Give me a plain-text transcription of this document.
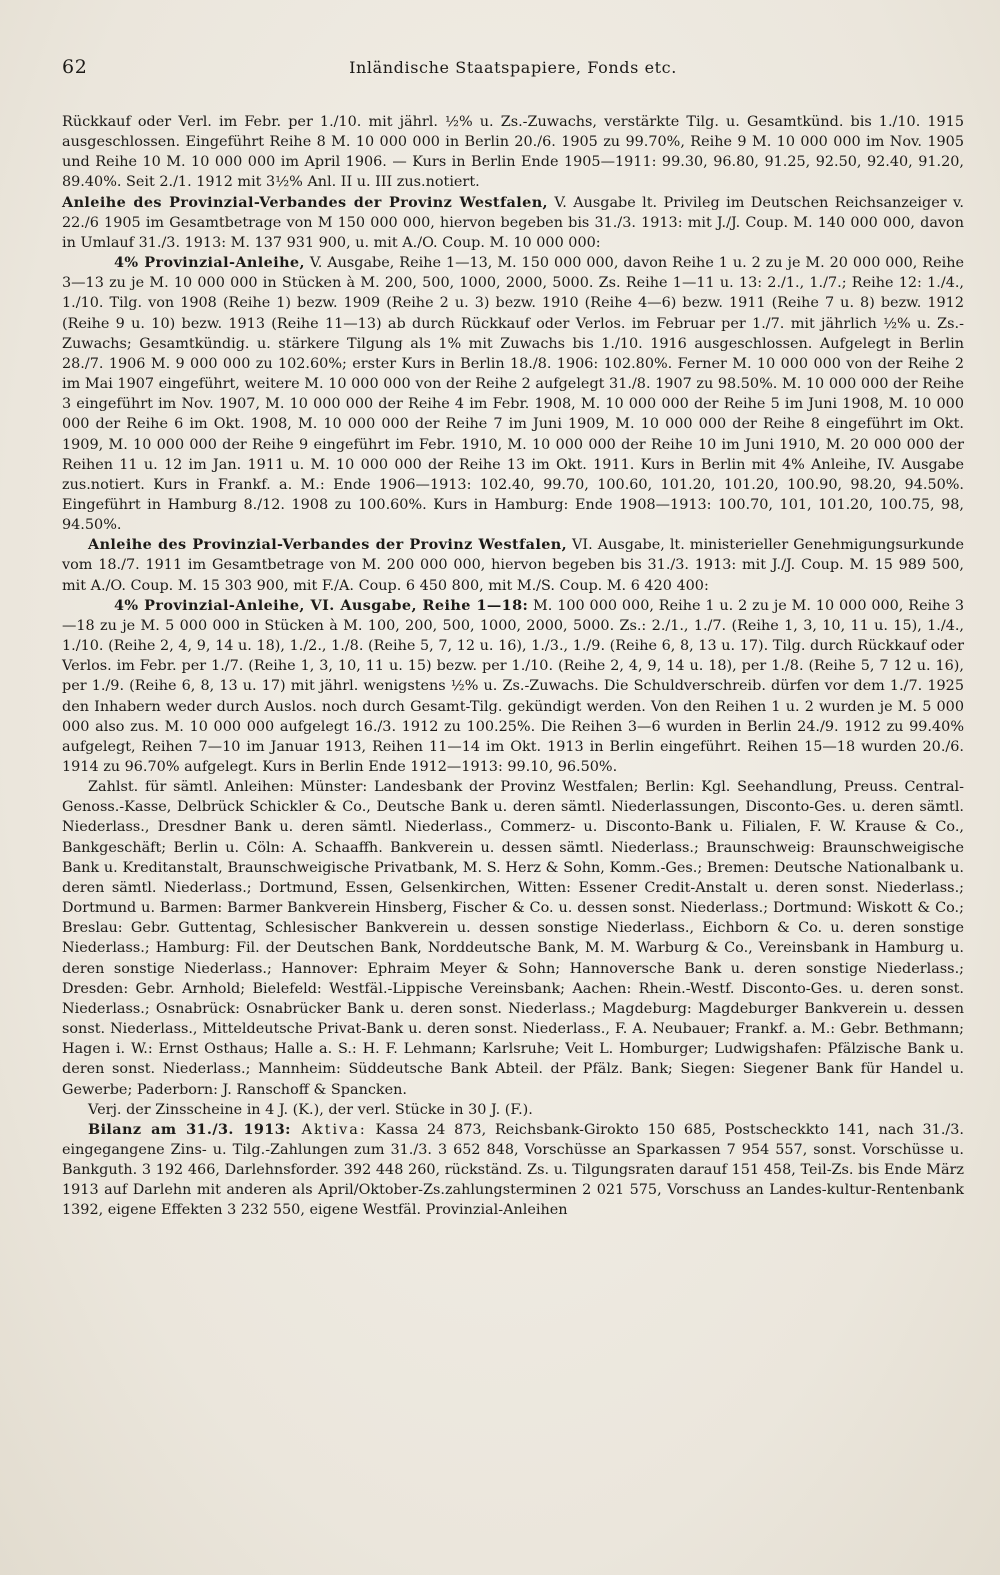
62	Inländische Staatspapiere, Fonds etc.

Rückkauf oder Verl. im Febr. per 1./10. mit jährl. ½% u. Zs.-Zuwachs, verstärkte Tilg. u. Gesamtkünd. bis 1./10. 1915 ausgeschlossen. Eingeführt Reihe 8 M. 10 000 000 in Berlin 20./6. 1905 zu 99.70%, Reihe 9 M. 10 000 000 im Nov. 1905 und Reihe 10 M. 10 000 000 im April 1906. — Kurs in Berlin Ende 1905—1911: 99.30, 96.80, 91.25, 92.50, 92.40, 91.20, 89.40%. Seit 2./1. 1912 mit 3½% Anl. II u. III zus.notiert.

Anleihe des Provinzial-Verbandes der Provinz Westfalen, V. Ausgabe lt. Privileg im Deutschen Reichsanzeiger v. 22./6 1905 im Gesamtbetrage von M 150 000 000, hiervon begeben bis 31./3. 1913: mit J./J. Coup. M. 140 000 000, davon in Umlauf 31./3. 1913: M. 137 931 900, u. mit A./O. Coup. M. 10 000 000:

4% Provinzial-Anleihe, V. Ausgabe, Reihe 1—13, M. 150 000 000, davon Reihe 1 u. 2 zu je M. 20 000 000, Reihe 3—13 zu je M. 10 000 000 in Stücken à M. 200, 500, 1000, 2000, 5000. Zs. Reihe 1—11 u. 13: 2./1., 1./7.; Reihe 12: 1./4., 1./10. Tilg. von 1908 (Reihe 1) bezw. 1909 (Reihe 2 u. 3) bezw. 1910 (Reihe 4—6) bezw. 1911 (Reihe 7 u. 8) bezw. 1912 (Reihe 9 u. 10) bezw. 1913 (Reihe 11—13) ab durch Rückkauf oder Verlos. im Februar per 1./7. mit jährlich ½% u. Zs.-Zuwachs; Gesamtkündig. u. stärkere Tilgung als 1% mit Zuwachs bis 1./10. 1916 ausgeschlossen. Aufgelegt in Berlin 28./7. 1906 M. 9 000 000 zu 102.60%; erster Kurs in Berlin 18./8. 1906: 102.80%. Ferner M. 10 000 000 von der Reihe 2 im Mai 1907 eingeführt, weitere M. 10 000 000 von der Reihe 2 aufgelegt 31./8. 1907 zu 98.50%. M. 10 000 000 der Reihe 3 eingeführt im Nov. 1907, M. 10 000 000 der Reihe 4 im Febr. 1908, M. 10 000 000 der Reihe 5 im Juni 1908, M. 10 000 000 der Reihe 6 im Okt. 1908, M. 10 000 000 der Reihe 7 im Juni 1909, M. 10 000 000 der Reihe 8 eingeführt im Okt. 1909, M. 10 000 000 der Reihe 9 eingeführt im Febr. 1910, M. 10 000 000 der Reihe 10 im Juni 1910, M. 20 000 000 der Reihen 11 u. 12 im Jan. 1911 u. M. 10 000 000 der Reihe 13 im Okt. 1911. Kurs in Berlin mit 4% Anleihe, IV. Ausgabe zus.notiert. Kurs in Frankf. a. M.: Ende 1906—1913: 102.40, 99.70, 100.60, 101.20, 101.20, 100.90, 98.20, 94.50%. Eingeführt in Hamburg 8./12. 1908 zu 100.60%. Kurs in Hamburg: Ende 1908—1913: 100.70, 101, 101.20, 100.75, 98, 94.50%.

Anleihe des Provinzial-Verbandes der Provinz Westfalen, VI. Ausgabe, lt. ministerieller Genehmigungsurkunde vom 18./7. 1911 im Gesamtbetrage von M. 200 000 000, hiervon begeben bis 31./3. 1913: mit J./J. Coup. M. 15 989 500, mit A./O. Coup. M. 15 303 900, mit F./A. Coup. 6 450 800, mit M./S. Coup. M. 6 420 400:

4% Provinzial-Anleihe, VI. Ausgabe, Reihe 1—18: M. 100 000 000, Reihe 1 u. 2 zu je M. 10 000 000, Reihe 3—18 zu je M. 5 000 000 in Stücken à M. 100, 200, 500, 1000, 2000, 5000. Zs.: 2./1., 1./7. (Reihe 1, 3, 10, 11 u. 15), 1./4., 1./10. (Reihe 2, 4, 9, 14 u. 18), 1./2., 1./8. (Reihe 5, 7, 12 u. 16), 1./3., 1./9. (Reihe 6, 8, 13 u. 17). Tilg. durch Rückkauf oder Verlos. im Febr. per 1./7. (Reihe 1, 3, 10, 11 u. 15) bezw. per 1./10. (Reihe 2, 4, 9, 14 u. 18), per 1./8. (Reihe 5, 7 12 u. 16), per 1./9. (Reihe 6, 8, 13 u. 17) mit jährl. wenigstens ½% u. Zs.-Zuwachs. Die Schuldverschreib. dürfen vor dem 1./7. 1925 den Inhabern weder durch Auslos. noch durch Gesamt-Tilg. gekündigt werden. Von den Reihen 1 u. 2 wurden je M. 5 000 000 also zus. M. 10 000 000 aufgelegt 16./3. 1912 zu 100.25%. Die Reihen 3—6 wurden in Berlin 24./9. 1912 zu 99.40% aufgelegt, Reihen 7—10 im Januar 1913, Reihen 11—14 im Okt. 1913 in Berlin eingeführt. Reihen 15—18 wurden 20./6. 1914 zu 96.70% aufgelegt. Kurs in Berlin Ende 1912—1913: 99.10, 96.50%.

Zahlst. für sämtl. Anleihen: Münster: Landesbank der Provinz Westfalen; Berlin: Kgl. Seehandlung, Preuss. Central-Genoss.-Kasse, Delbrück Schickler & Co., Deutsche Bank u. deren sämtl. Niederlassungen, Disconto-Ges. u. deren sämtl. Niederlass., Dresdner Bank u. deren sämtl. Niederlass., Commerz- u. Disconto-Bank u. Filialen, F. W. Krause & Co., Bankgeschäft; Berlin u. Cöln: A. Schaaffh. Bankverein u. dessen sämtl. Niederlass.; Braunschweig: Braunschweigische Bank u. Kreditanstalt, Braunschweigische Privatbank, M. S. Herz & Sohn, Komm.-Ges.; Bremen: Deutsche Nationalbank u. deren sämtl. Niederlass.; Dortmund, Essen, Gelsenkirchen, Witten: Essener Credit-Anstalt u. deren sonst. Niederlass.; Dortmund u. Barmen: Barmer Bankverein Hinsberg, Fischer & Co. u. dessen sonst. Niederlass.; Dortmund: Wiskott & Co.; Breslau: Gebr. Guttentag, Schlesischer Bankverein u. dessen sonstige Niederlass., Eichborn & Co. u. deren sonstige Niederlass.; Hamburg: Fil. der Deutschen Bank, Norddeutsche Bank, M. M. Warburg & Co., Vereinsbank in Hamburg u. deren sonstige Niederlass.; Hannover: Ephraim Meyer & Sohn; Hannoversche Bank u. deren sonstige Niederlass.; Dresden: Gebr. Arnhold; Bielefeld: Westfäl.-Lippische Vereinsbank; Aachen: Rhein.-Westf. Disconto-Ges. u. deren sonst. Niederlass.; Osnabrück: Osnabrücker Bank u. deren sonst. Niederlass.; Magdeburg: Magdeburger Bankverein u. dessen sonst. Niederlass., Mitteldeutsche Privat-Bank u. deren sonst. Niederlass., F. A. Neubauer; Frankf. a. M.: Gebr. Bethmann; Hagen i. W.: Ernst Osthaus; Halle a. S.: H. F. Lehmann; Karlsruhe; Veit L. Homburger; Ludwigshafen: Pfälzische Bank u. deren sonst. Niederlass.; Mannheim: Süddeutsche Bank Abteil. der Pfälz. Bank; Siegen: Siegener Bank für Handel u. Gewerbe; Paderborn: J. Ranschoff & Spancken.

Verj. der Zinsscheine in 4 J. (K.), der verl. Stücke in 30 J. (F.).

Bilanz am 31./3. 1913: Aktiva: Kassa 24 873, Reichsbank-Girokto 150 685, Postscheckkto 141, nach 31./3. eingegangene Zins- u. Tilg.-Zahlungen zum 31./3. 3 652 848, Vorschüsse an Sparkassen 7 954 557, sonst. Vorschüsse u. Bankguth. 3 192 466, Darlehnsforder. 392 448 260, rückständ. Zs. u. Tilgungsraten darauf 151 458, Teil-Zs. bis Ende März 1913 auf Darlehn mit anderen als April/Oktober-Zs.zahlungsterminen 2 021 575, Vorschuss an Landes-kultur-Rentenbank 1392, eigene Effekten 3 232 550, eigene Westfäl. Provinzial-Anleihen
